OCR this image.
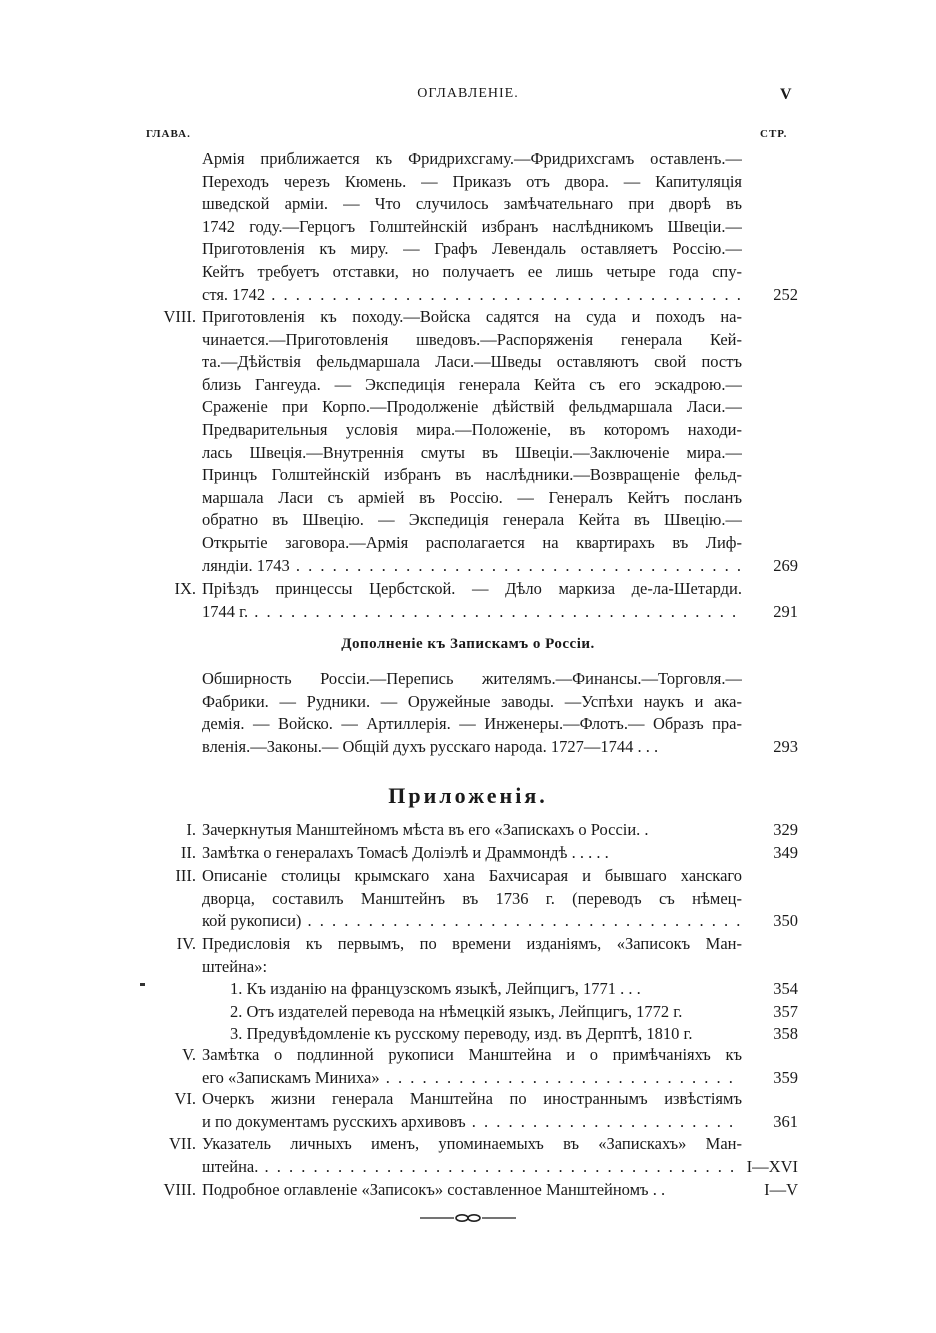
ОГЛАВЛЕНІЕ.	V
ГЛАВА.	СТР.
Армія приближается къ Фридрихсгаму.—Фридрихсгамъ оставленъ.—
Переходъ черезъ Кюмень. — Приказъ отъ двора. — Капитуляція
шведской арміи. — Что случилось замѣчательнаго при дворѣ въ
1742 году.—Герцогъ Голштейнскій избранъ наслѣдникомъ Швеціи.—
Приготовленія къ миру. — Графъ Левендаль оставляетъ Россію.—
Кейтъ требуетъ отставки, но получаетъ ее лишь четыре года спу-
стя. 1742 . . .	252
VIII. Приготовленія къ походу.—Войска садятся на суда и походъ на-
чинается.—Приготовленія шведовъ.—Распоряженія генерала Кей-
та.—Дѣйствія фельдмаршала Ласи.—Шведы оставляютъ свой постъ
близь Гангеуда. — Экспедиція генерала Кейта съ его эскадрою.—
Сраженіе при Корпо.—Продолженіе дѣйствій фельдмаршала Ласи.—
Предварительныя условія мира.—Положеніе, въ которомъ находи-
лась Швеція.—Внутреннія смуты въ Швеціи.—Заключеніе мира.—
Принцъ Голштейнскій избранъ въ наслѣдники.—Возвращеніе фельд-
маршала Ласи съ арміей въ Россію. — Генералъ Кейтъ посланъ
обратно въ Швецію. — Экспедиція генерала Кейта въ Швецію.—
Открытіе заговора.—Армія располагается на квартирахъ въ Лиф-
ляндіи. 1743 . . .	269
IX. Пріѣздъ принцессы Цербстской. — Дѣло маркиза де-ла-Шетарди.
1744 г. . . .	291
Дополненіе къ Запискамъ о Россіи.
Обширность Россіи.—Перепись жителямъ.—Финансы.—Торговля.—
Фабрики. — Рудники. — Оружейные заводы. —Успѣхи наукъ и ака-
демія. — Войско. — Артиллерія. — Инженеры.—Флотъ.— Образъ пра-
вленія.—Законы.— Общій духъ русскаго народа. 1727—1744 . . .	293
Приложенія.
I. Зачеркнутыя Манштейномъ мѣста въ его «Запискахъ о Россіи. .	329
II. Замѣтка о генералахъ Томасѣ Доліэлѣ и Драммондѣ . . . . .	349
III. Описаніе столицы крымскаго хана Бахчисарая и бывшаго ханскаго
дворца, составилъ Манштейнъ въ 1736 г. (переводъ съ нѣмец-
кой рукописи) . . .	350
IV. Предисловія къ первымъ, по времени изданіямъ, «Записокъ Ман-
штейна»:
1. Къ изданію на французскомъ языкѣ, Лейпцигъ, 1771 . . .	354
2. Отъ издателей перевода на нѣмецкій языкъ, Лейпцигъ, 1772 г.	357
3. Предувѣдомленіе къ русскому переводу, изд. въ Дерптѣ, 1810 г.	358
V. Замѣтка о подлинной рукописи Манштейна и о примѣчаніяхъ къ
его «Запискамъ Миниха» . . .	359
VI. Очеркъ жизни генерала Манштейна по иностраннымъ извѣстіямъ
и по документамъ русскихъ архивовъ . . .	361
VII. Указатель личныхъ именъ, упоминаемыхъ въ «Запискахъ» Ман-
штейна. . . .	I—XVI
VIII. Подробное оглавленіе «Записокъ» составленное Манштейномъ . .	I—V
